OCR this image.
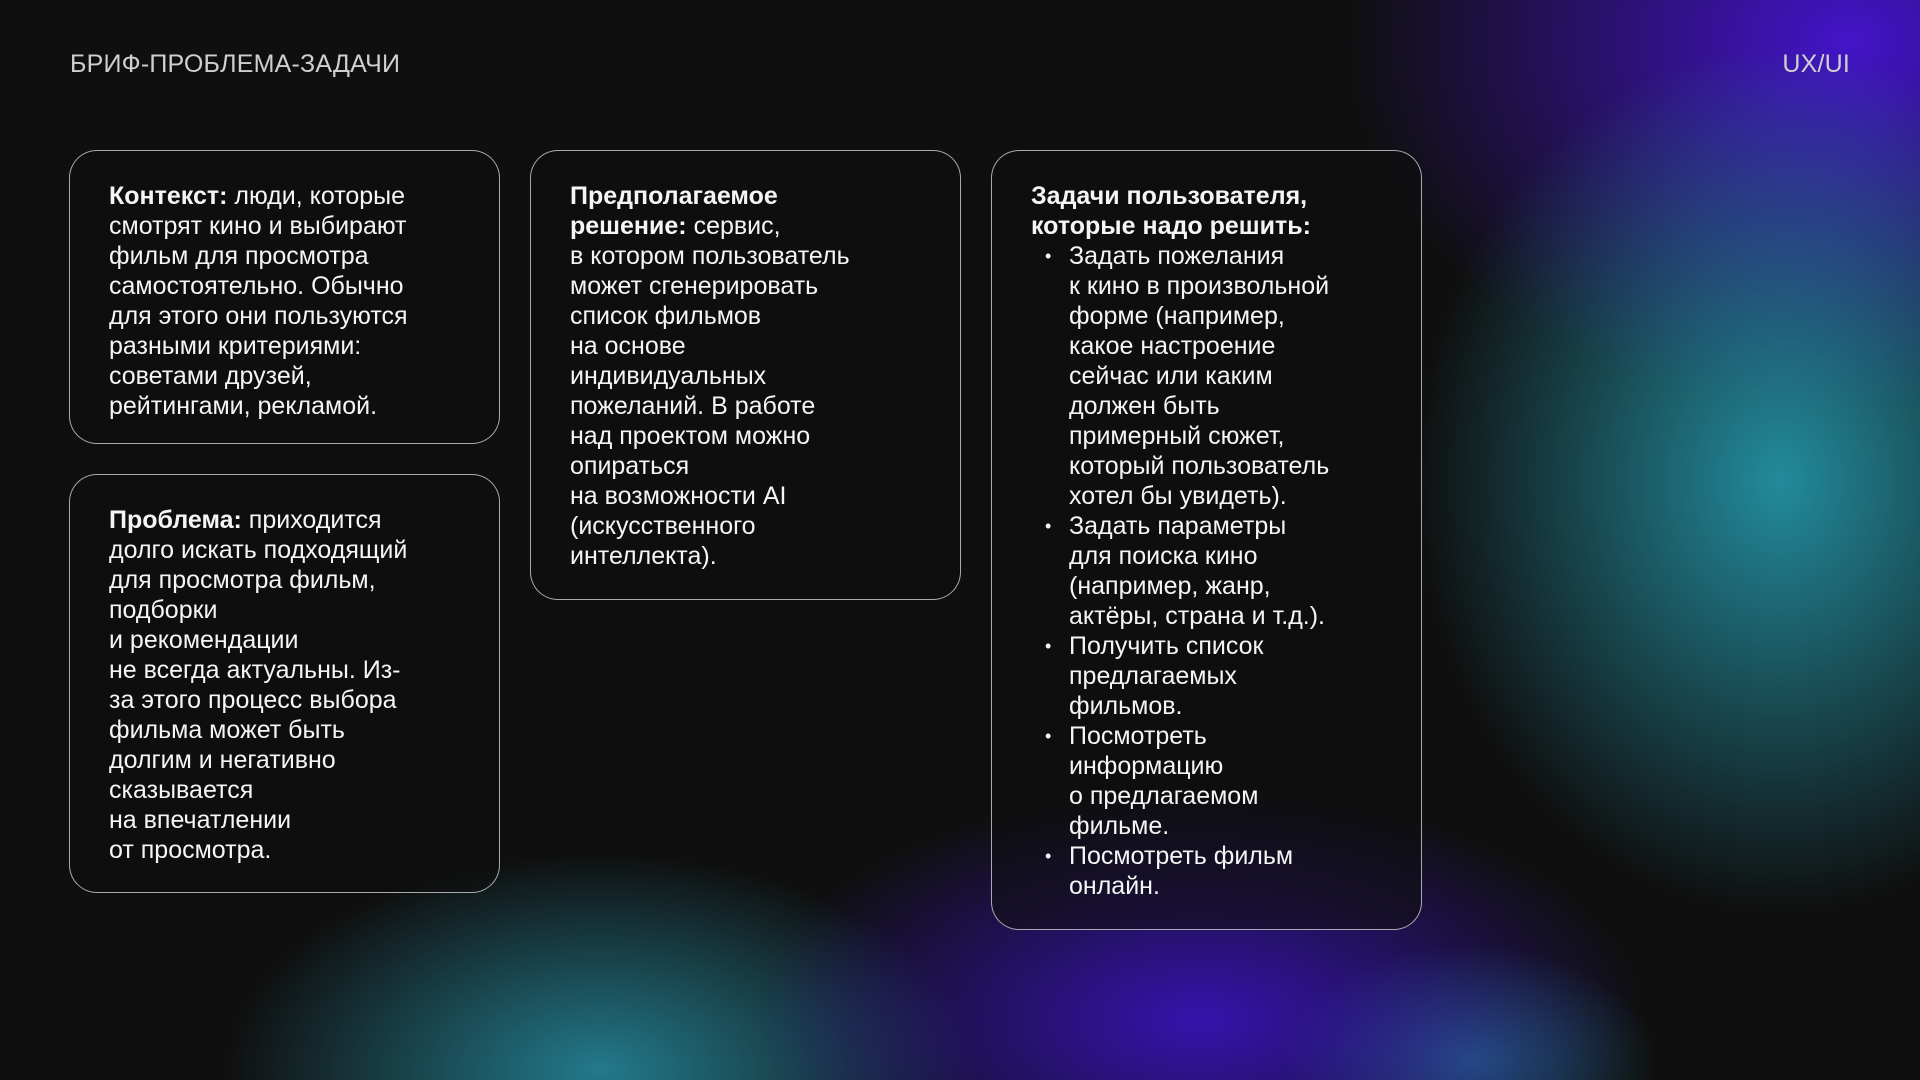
БРИФ-ПРОБЛЕМА-ЗАДАЧИ	UX/UI
Контекст: люди, которые
смотрят кино и выбирают
фильм для просмотра
самостоятельно. Обычно
для этого они пользуются
разными критериями:
советами друзей,
рейтингами, рекламой.
Проблема: приходится
долго искать подходящий
для просмотра фильм,
подборки
и рекомендации
не всегда актуальны. Из-
за этого процесс выбора
фильма может быть
долгим и негативно
сказывается
на впечатлении
от просмотра.
Предполагаемое
решение: сервис,
в котором пользователь
может сгенерировать
список фильмов
на основе
индивидуальных
пожеланий. В работе
над проектом можно
опираться
на возможности AI
(искусственного
интеллекта).
Задачи пользователя,
которые надо решить:
• Задать пожелания
к кино в произвольной
форме (например,
какое настроение
сейчас или каким
должен быть
примерный сюжет,
который пользователь
хотел бы увидеть).
• Задать параметры
для поиска кино
(например, жанр,
актёры, страна и т.д.).
• Получить список
предлагаемых
фильмов.
• Посмотреть
информацию
о предлагаемом
фильме.
• Посмотреть фильм
онлайн.
